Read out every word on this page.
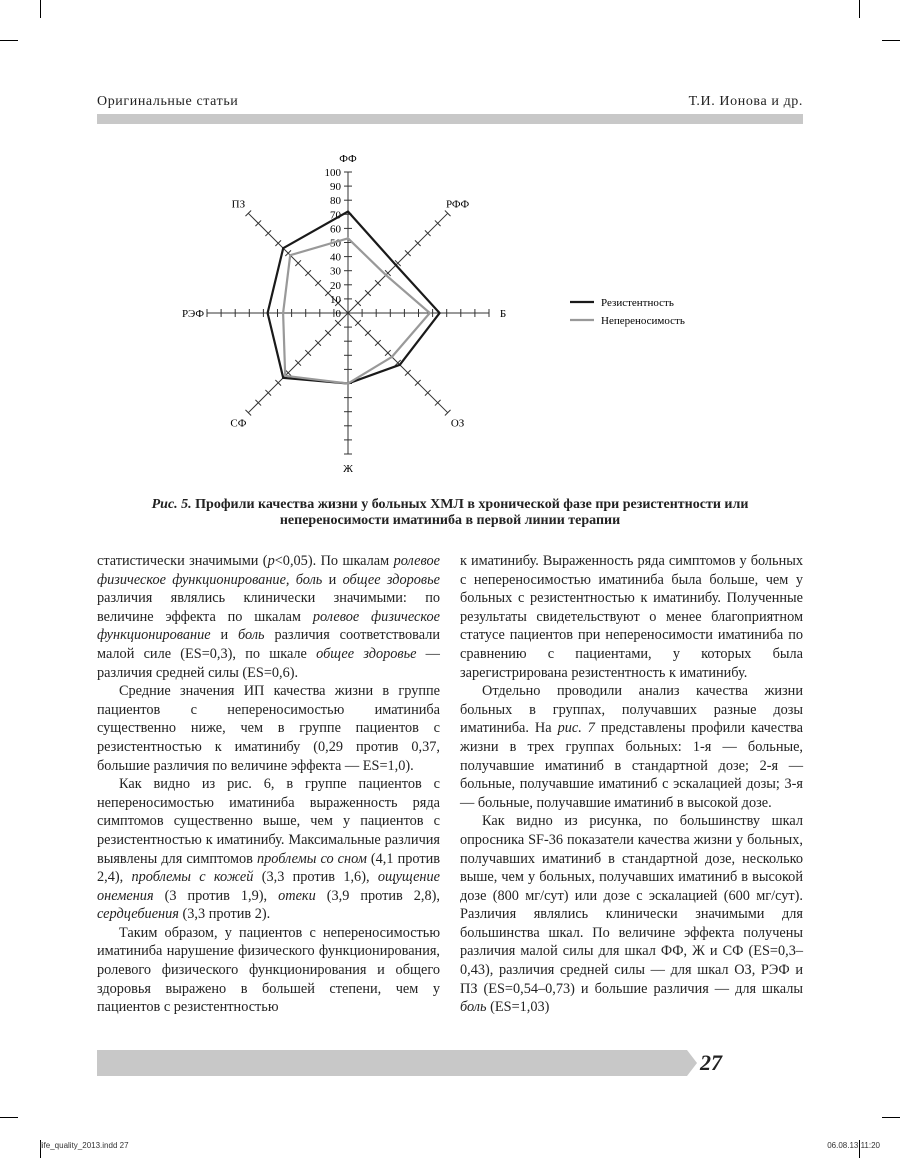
Оригинальные статьи	Т.И. Ионова и др.
ФФ
РФФ
Б
ОЗ
Ж
СФ
РЭФ
ПЗ
0
10
20
30
40
50
60
70
80
90
100
Резистентность
Непереносимость
Рис. 5. Профили качества жизни у больных ХМЛ в хронической фазе при резистентности или непереносимости иматиниба в первой линии терапии

статистически значимыми (p<0,05). По шкалам ролевое физическое функционирование, боль и общее здоровье различия являлись клинически значимыми: по величине эффекта по шкалам ролевое физическое функционирование и боль различия соответствовали малой силе (ES=0,3), по шкале общее здоровье — различия средней силы (ES=0,6).

Средние значения ИП качества жизни в группе пациентов с непереносимостью иматиниба существенно ниже, чем в группе пациентов с резистентностью к иматинибу (0,29 против 0,37, большие различия по величине эффекта — ES=1,0).

Как видно из рис. 6, в группе пациентов с непереносимостью иматиниба выраженность ряда симптомов существенно выше, чем у пациентов с резистентностью к иматинибу. Максимальные различия выявлены для симптомов проблемы со сном (4,1 против 2,4), проблемы с кожей (3,3 против 1,6), ощущение онемения (3 против 1,9), отеки (3,9 против 2,8), сердцебиения (3,3 против 2).

Таким образом, у пациентов с непереносимостью иматиниба нарушение физического функционирования, ролевого физического функционирования и общего здоровья выражено в большей степени, чем у пациентов с резистентностью

к иматинибу. Выраженность ряда симптомов у больных с непереносимостью иматиниба была больше, чем у больных с резистентностью к иматинибу. Полученные результаты свидетельствуют о менее благоприятном статусе пациентов при непереносимости иматиниба по сравнению с пациентами, у которых была зарегистрирована резистентность к иматинибу.

Отдельно проводили анализ качества жизни больных в группах, получавших разные дозы иматиниба. На рис. 7 представлены профили качества жизни в трех группах больных: 1-я — больные, получавшие иматиниб в стандартной дозе; 2-я — больные, получавшие иматиниб с эскалацией дозы; 3-я — больные, получавшие иматиниб в высокой дозе.

Как видно из рисунка, по большинству шкал опросника SF-36 показатели качества жизни у больных, получавших иматиниб в стандартной дозе, несколько выше, чем у больных, получавших иматиниб в высокой дозе (800 мг/сут) или дозе с эскалацией (600 мг/сут). Различия являлись клинически значимыми для большинства шкал. По величине эффекта получены различия малой силы для шкал ФФ, Ж и СФ (ES=0,3–0,43), различия средней силы — для шкал ОЗ, РЭФ и ПЗ (ES=0,54–0,73) и большие различия — для шкалы боль (ES=1,03)

27
life_quality_2013.indd 27	06.08.13 11:20
